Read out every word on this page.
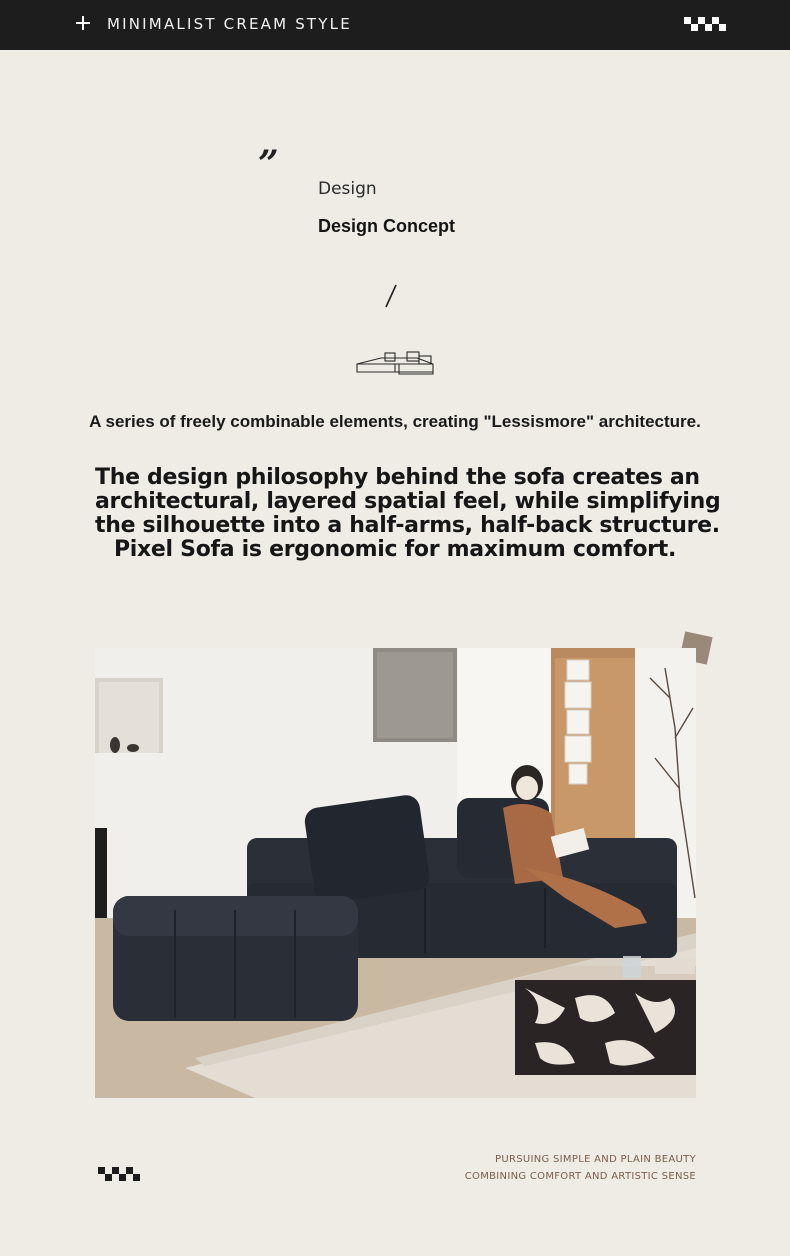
MINIMALIST CREAM STYLE
”
Design
Design Concept
A series of freely combinable elements, creating "Lessismore" architecture.
The design philosophy behind the sofa creates an
architectural, layered spatial feel, while simplifying
the silhouette into a half-arms, half-back structure.
Pixel Sofa is ergonomic for maximum comfort.
PURSUING SIMPLE AND PLAIN BEAUTY
COMBINING COMFORT AND ARTISTIC SENSE
